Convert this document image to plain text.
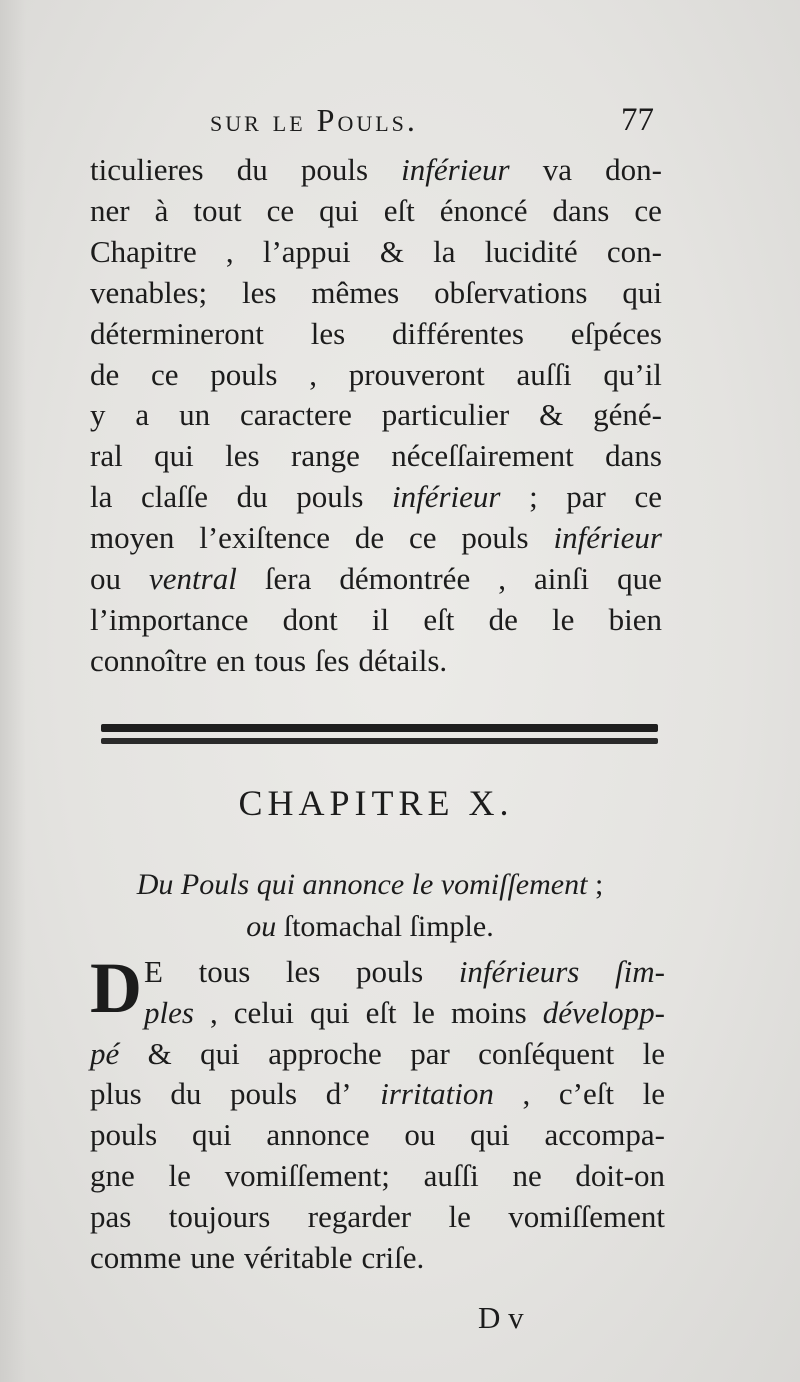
sur le Pouls.	77
ticulieres du pouls inférieur va don-
ner à tout ce qui eſt énoncé dans ce
Chapitre , l’appui & la lucidité con-
venables; les mêmes obſervations qui
détermineront les différentes eſpéces
de ce pouls , prouveront auſſi qu’il
y a un caractere particulier & géné-
ral qui les range néceſſairement dans
la claſſe du pouls inférieur ; par ce
moyen l’exiſtence de ce pouls inférieur
ou ventral ſera démontrée , ainſi que
l’importance dont il eſt de le bien
connoître en tous ſes détails.
CHAPITRE X.
Du Pouls qui annonce le vomiſſement ;
ou ſtomachal ſimple.
D E tous les pouls inférieurs ſim-
ples , celui qui eſt le moins développ-
pé & qui approche par conſéquent le
plus du pouls d’ irritation , c’eſt le
pouls qui annonce ou qui accompa-
gne le vomiſſement; auſſi ne doit-on
pas toujours regarder le vomiſſement
comme une véritable criſe.
D v
